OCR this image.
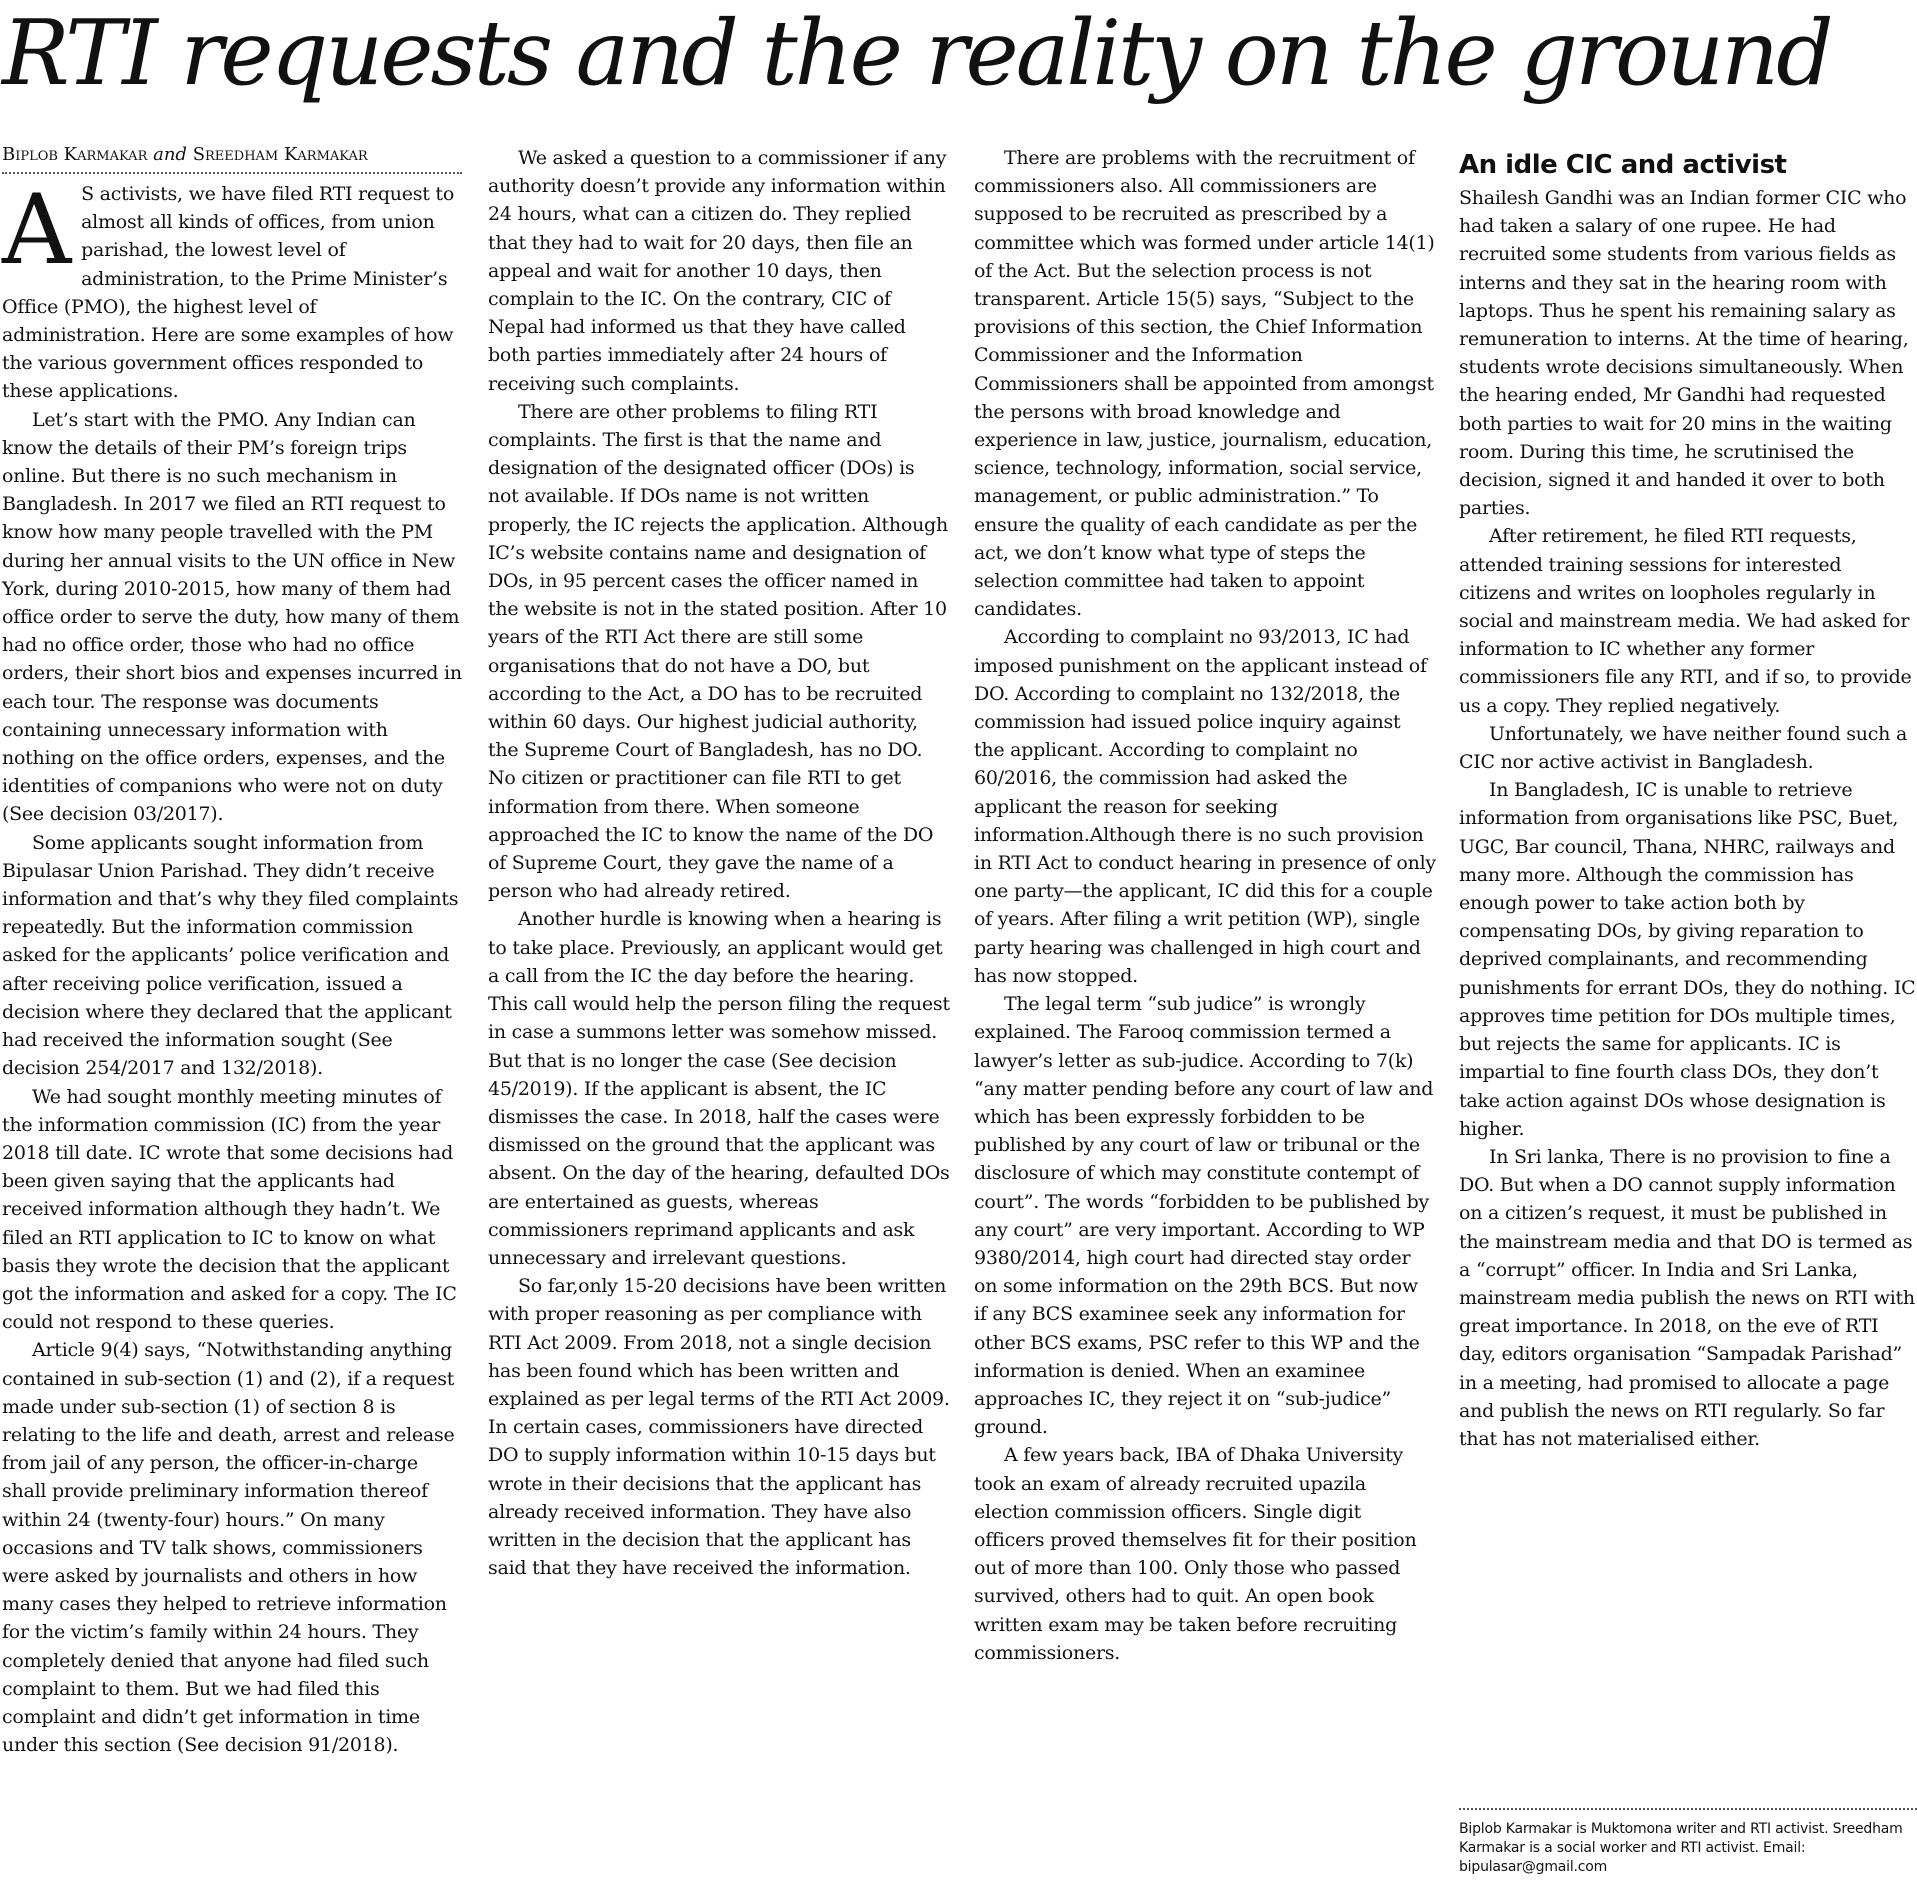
RTI requests and the reality on the ground
Biplob Karmakar and Sreedham Karmakar

A S activists, we have filed RTI request to almost all kinds of offices, from union parishad, the lowest level of administration, to the Prime Minister’s Office (PMO), the highest level of administration. Here are some examples of how the various government offices responded to these applications.

Let’s start with the PMO. Any Indian can know the details of their PM’s foreign trips online. But there is no such mechanism in Bangladesh. In 2017 we filed an RTI request to know how many people travelled with the PM during her annual visits to the UN office in New York, during 2010-2015, how many of them had office order to serve the duty, how many of them had no office order, those who had no office orders, their short bios and expenses incurred in each tour. The response was documents containing unnecessary information with nothing on the office orders, expenses, and the identities of companions who were not on duty (See decision 03/2017).

Some applicants sought information from Bipulasar Union Parishad. They didn’t receive information and that’s why they filed complaints repeatedly. But the information commission asked for the applicants’ police verification and after receiving police verification, issued a decision where they declared that the applicant had received the information sought (See decision 254/2017 and 132/2018).

We had sought monthly meeting minutes of the information commission (IC) from the year 2018 till date. IC wrote that some decisions had been given saying that the applicants had received information although they hadn’t. We filed an RTI application to IC to know on what basis they wrote the decision that the applicant got the information and asked for a copy. The IC could not respond to these queries.

Article 9(4) says, “Notwithstanding anything contained in sub-section (1) and (2), if a request made under sub-section (1) of section 8 is relating to the life and death, arrest and release from jail of any person, the officer-in-charge shall provide preliminary information thereof within 24 (twenty-four) hours.” On many occasions and TV talk shows, commissioners were asked by journalists and others in how many cases they helped to retrieve information for the victim’s family within 24 hours. They completely denied that anyone had filed such complaint to them. But we had filed this complaint and didn’t get information in time under this section (See decision 91/2018).

We asked a question to a commissioner if any authority doesn’t provide any information within 24 hours, what can a citizen do. They replied that they had to wait for 20 days, then file an appeal and wait for another 10 days, then complain to the IC. On the contrary, CIC of Nepal had informed us that they have called both parties immediately after 24 hours of receiving such complaints.

There are other problems to filing RTI complaints. The first is that the name and designation of the designated officer (DOs) is not available. If DOs name is not written properly, the IC rejects the application. Although IC’s website contains name and designation of DOs, in 95 percent cases the officer named in the website is not in the stated position. After 10 years of the RTI Act there are still some organisations that do not have a DO, but according to the Act, a DO has to be recruited within 60 days. Our highest judicial authority, the Supreme Court of Bangladesh, has no DO. No citizen or practitioner can file RTI to get information from there. When someone approached the IC to know the name of the DO of Supreme Court, they gave the name of a person who had already retired.

Another hurdle is knowing when a hearing is to take place. Previously, an applicant would get a call from the IC the day before the hearing. This call would help the person filing the request in case a summons letter was somehow missed. But that is no longer the case (See decision 45/2019). If the applicant is absent, the IC dismisses the case. In 2018, half the cases were dismissed on the ground that the applicant was absent. On the day of the hearing, defaulted DOs are entertained as guests, whereas commissioners reprimand applicants and ask unnecessary and irrelevant questions.

So far,only 15-20 decisions have been written with proper reasoning as per compliance with RTI Act 2009. From 2018, not a single decision has been found which has been written and explained as per legal terms of the RTI Act 2009. In certain cases, commissioners have directed DO to supply information within 10-15 days but wrote in their decisions that the applicant has already received information. They have also written in the decision that the applicant has said that they have received the information.

There are problems with the recruitment of commissioners also. All commissioners are supposed to be recruited as prescribed by a committee which was formed under article 14(1) of the Act. But the selection process is not transparent. Article 15(5) says, “Subject to the provisions of this section, the Chief Information Commissioner and the Information Commissioners shall be appointed from amongst the persons with broad knowledge and experience in law, justice, journalism, education, science, technology, information, social service, management, or public administration.” To ensure the quality of each candidate as per the act, we don’t know what type of steps the selection committee had taken to appoint candidates.

According to complaint no 93/2013, IC had imposed punishment on the applicant instead of DO. According to complaint no 132/2018, the commission had issued police inquiry against the applicant. According to complaint no 60/2016, the commission had asked the applicant the reason for seeking information.Although there is no such provision in RTI Act to conduct hearing in presence of only one party—the applicant, IC did this for a couple of years. After filing a writ petition (WP), single party hearing was challenged in high court and has now stopped.

The legal term “sub judice” is wrongly explained. The Farooq commission termed a lawyer’s letter as sub-judice. According to 7(k) “any matter pending before any court of law and which has been expressly forbidden to be published by any court of law or tribunal or the disclosure of which may constitute contempt of court”. The words “forbidden to be published by any court” are very important. According to WP 9380/2014, high court had directed stay order on some information on the 29th BCS. But now if any BCS examinee seek any information for other BCS exams, PSC refer to this WP and the information is denied. When an examinee approaches IC, they reject it on “sub-judice” ground.

A few years back, IBA of Dhaka University took an exam of already recruited upazila election commission officers. Single digit officers proved themselves fit for their position out of more than 100. Only those who passed survived, others had to quit. An open book written exam may be taken before recruiting commissioners.

An idle CIC and activist

Shailesh Gandhi was an Indian former CIC who had taken a salary of one rupee. He had recruited some students from various fields as interns and they sat in the hearing room with laptops. Thus he spent his remaining salary as remuneration to interns. At the time of hearing, students wrote decisions simultaneously. When the hearing ended, Mr Gandhi had requested both parties to wait for 20 mins in the waiting room. During this time, he scrutinised the decision, signed it and handed it over to both parties.

After retirement, he filed RTI requests, attended training sessions for interested citizens and writes on loopholes regularly in social and mainstream media. We had asked for information to IC whether any former commissioners file any RTI, and if so, to provide us a copy. They replied negatively.

Unfortunately, we have neither found such a CIC nor active activist in Bangladesh.

In Bangladesh, IC is unable to retrieve information from organisations like PSC, Buet, UGC, Bar council, Thana, NHRC, railways and many more. Although the commission has enough power to take action both by compensating DOs, by giving reparation to deprived complainants, and recommending punishments for errant DOs, they do nothing. IC approves time petition for DOs multiple times, but rejects the same for applicants. IC is impartial to fine fourth class DOs, they don’t take action against DOs whose designation is higher.

In Sri lanka, There is no provision to fine a DO. But when a DO cannot supply information on a citizen’s request, it must be published in the mainstream media and that DO is termed as a “corrupt” officer. In India and Sri Lanka, mainstream media publish the news on RTI with great importance. In 2018, on the eve of RTI day, editors organisation “Sampadak Parishad” in a meeting, had promised to allocate a page and publish the news on RTI regularly. So far that has not materialised either.

Biplob Karmakar is Muktomona writer and RTI activist. Sreedham Karmakar is a social worker and RTI activist. Email: bipulasar@gmail.com
